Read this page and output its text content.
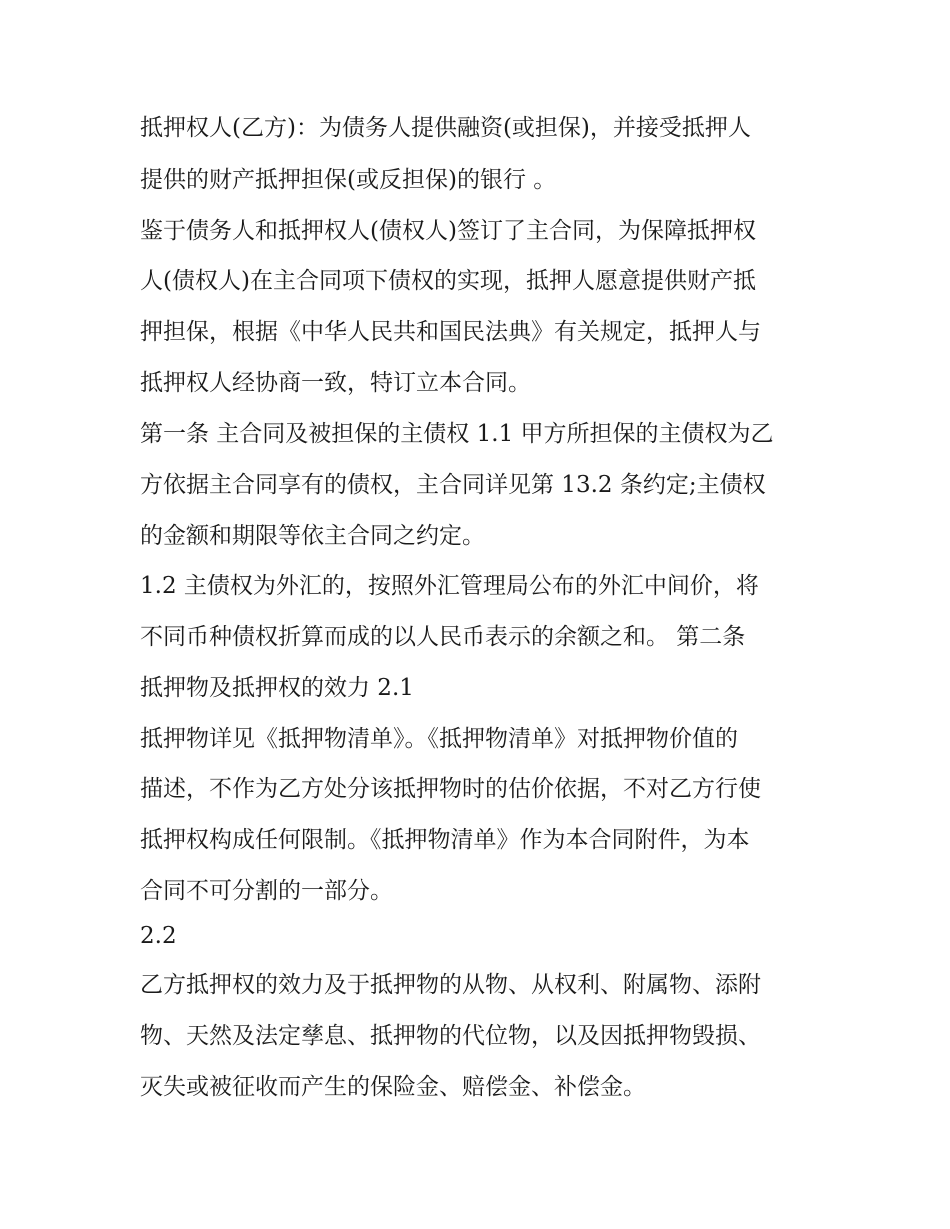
抵押权人(乙方)：为债务人提供融资(或担保)，并接受抵押人
提供的财产抵押担保(或反担保)的银行 。
鉴于债务人和抵押权人(债权人)签订了主合同，为保障抵押权
人(债权人)在主合同项下债权的实现，抵押人愿意提供财产抵
押担保，根据《中华人民共和国民法典》有关规定，抵押人与
抵押权人经协商一致，特订立本合同。
第一条 主合同及被担保的主债权 1.1 甲方所担保的主债权为乙
方依据主合同享有的债权，主合同详见第 13.2 条约定;主债权
的金额和期限等依主合同之约定。
1.2 主债权为外汇的，按照外汇管理局公布的外汇中间价，将
不同币种债权折算而成的以人民币表示的余额之和。 第二条
抵押物及抵押权的效力 2.1
抵押物详见《抵押物清单》。《抵押物清单》对抵押物价值的
描述，不作为乙方处分该抵押物时的估价依据，不对乙方行使
抵押权构成任何限制。《抵押物清单》作为本合同附件，为本
合同不可分割的一部分。
2.2
乙方抵押权的效力及于抵押物的从物、从权利、附属物、添附
物、天然及法定孳息、抵押物的代位物，以及因抵押物毁损、
灭失或被征收而产生的保险金、赔偿金、补偿金。
